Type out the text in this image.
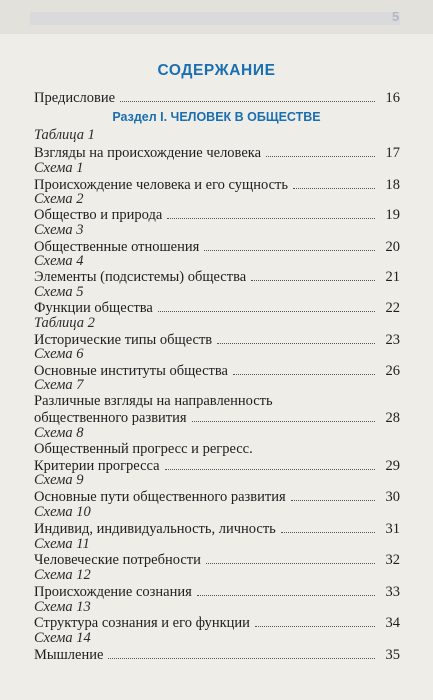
5
СОДЕРЖАНИЕ
Предисловие	16
Раздел I. ЧЕЛОВЕК В ОБЩЕСТВЕ
Таблица 1
Взгляды на происхождение человека	17
Схема 1
Происхождение человека и его сущность	18
Схема 2
Общество и природа	19
Схема 3
Общественные отношения	20
Схема 4
Элементы (подсистемы) общества	21
Схема 5
Функции общества	22
Таблица 2
Исторические типы обществ	23
Схема 6
Основные институты общества	26
Схема 7
Различные взгляды на направленность
общественного развития	28
Схема 8
Общественный прогресс и регресс.
Критерии прогресса	29
Схема 9
Основные пути общественного развития	30
Схема 10
Индивид, индивидуальность, личность	31
Схема 11
Человеческие потребности	32
Схема 12
Происхождение сознания	33
Схема 13
Структура сознания и его функции	34
Схема 14
Мышление	35
